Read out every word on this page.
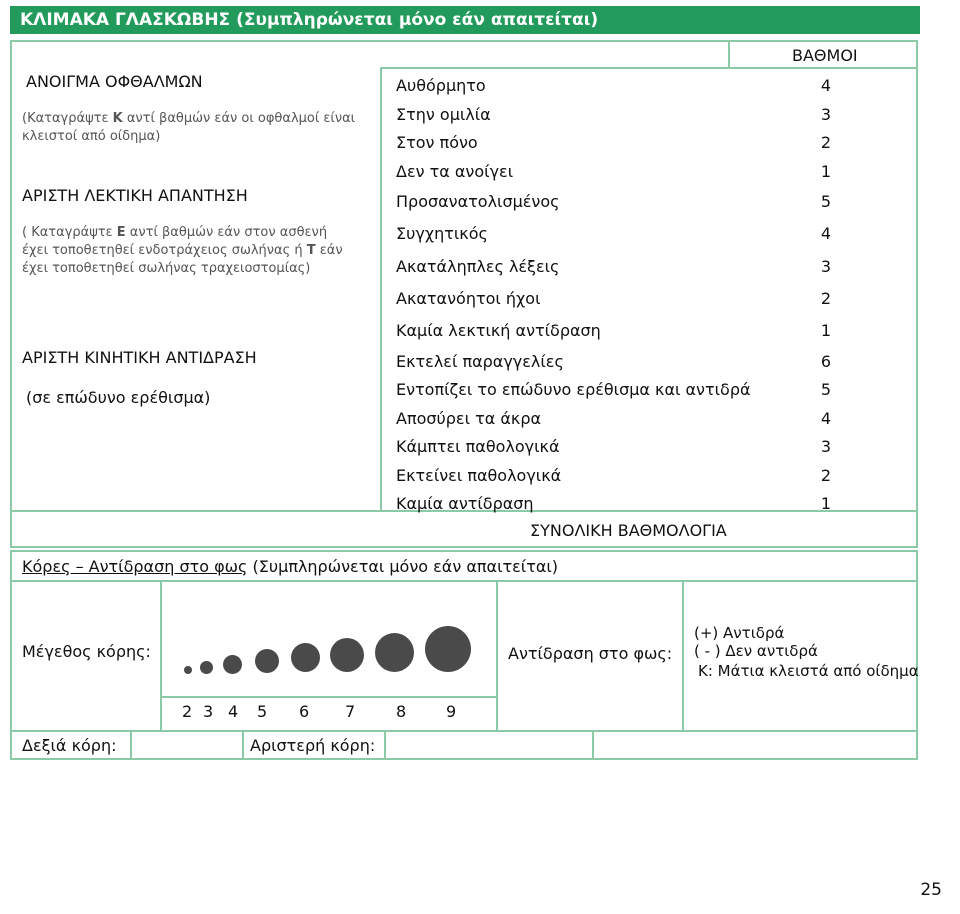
ΚΛΙΜΑΚΑ ΓΛΑΣΚΩΒΗΣ (Συμπληρώνεται μόνο εάν απαιτείται)
ΒΑΘΜΟΙ
ΑΝΟΙΓΜΑ ΟΦΘΑΛΜΩΝ
(Καταγράψτε Κ αντί βαθμών εάν οι οφθαλμοί είναι κλειστοί από οίδημα)
Αυθόρμητο	4
Στην ομιλία	3
Στον πόνο	2
Δεν τα ανοίγει	1
ΑΡΙΣΤΗ ΛΕΚΤΙΚΗ ΑΠΑΝΤΗΣΗ
( Καταγράψτε Ε αντί βαθμών εάν στον ασθενή έχει τοποθετηθεί ενδοτράχειος σωλήνας ή Τ εάν έχει τοποθετηθεί σωλήνας τραχειοστομίας)
Προσανατολισμένος	5
Συγχητικός	4
Ακατάληπλες λέξεις	3
Ακατανόητοι ήχοι	2
Καμία λεκτική αντίδραση	1
ΑΡΙΣΤΗ ΚΙΝΗΤΙΚΗ ΑΝΤΙΔΡΑΣΗ
(σε επώδυνο ερέθισμα)
Εκτελεί παραγγελίες	6
Εντοπίζει το επώδυνο ερέθισμα και αντιδρά	5
Αποσύρει τα άκρα	4
Κάμπτει παθολογικά	3
Εκτείνει παθολογικά	2
Καμία αντίδραση	1
ΣΥΝΟΛΙΚΗ ΒΑΘΜΟΛΟΓΙΑ
Κόρες – Αντίδραση στο φως (Συμπληρώνεται μόνο εάν απαιτείται)
Μέγεθος κόρης:
2 3 4 5 6 7	8 9
Αντίδραση στο φως:
(+) Αντιδρά
( - ) Δεν αντιδρά
Κ: Μάτια κλειστά από οίδημα
Δεξιά κόρη:	Αριστερή κόρη:
25
